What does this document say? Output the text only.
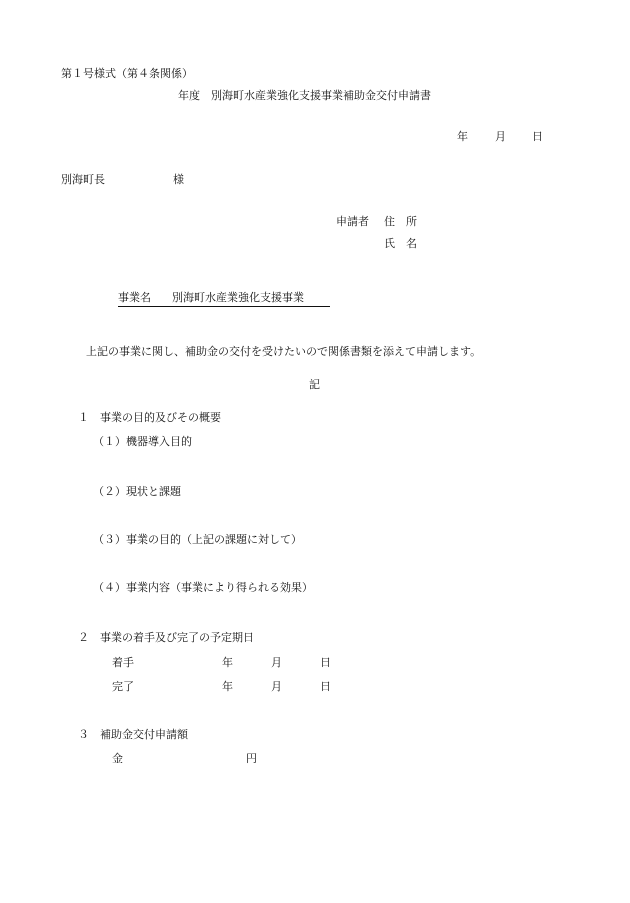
第１号様式（第４条関係）
年度　別海町水産業強化支援事業補助金交付申請書
年 月 日
別海町長	様
申請者 住　所
氏　名
事業名 別海町水産業強化支援事業
上記の事業に関し、補助金の交付を受けたいので関係書類を添えて申請します。
記
１ 事業の目的及びその概要
（１）機器導入目的
（２）現状と課題
（３）事業の目的（上記の課題に対して）
（４）事業内容（事業により得られる効果）
２ 事業の着手及び完了の予定期日
着手	年	月	日
完了	年	月	日
３ 補助金交付申請額
金	円
